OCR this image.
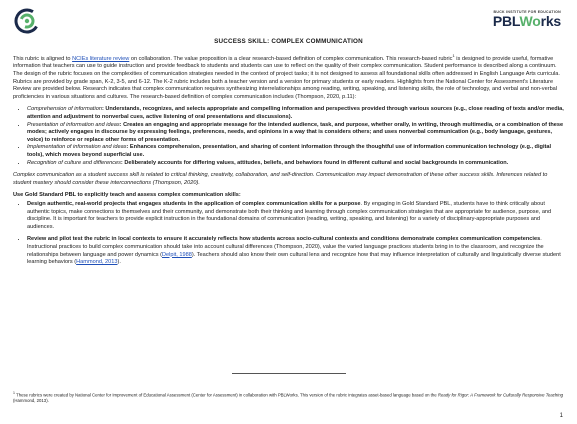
BUCK INSTITUTE FOR EDUCATION
PBLWorks
SUCCESS SKILL: COMPLEX COMMUNICATION

This rubric is aligned to NCIEs literature review on collaboration. The value proposition is a clear research-based definition of complex communication. This research-based rubric$^1$ is designed to provide useful, formative information that teachers can use to guide instruction and provide feedback to students and students can use to reflect on the quality of their complex communication. Student performance is described along a continuum. The design of the rubric focuses on the complexities of communication strategies needed in the context of project tasks; it is not designed to assess all foundational skills often addressed in English Language Arts curricula. Rubrics are provided by grade span, K-2, 3-5, and 6-12. The K-2 rubric includes both a teacher version and a version for primary students or early readers. Highlights from the National Center for Assessment's Literature Review are provided below. Research indicates that complex communication requires synthesizing interrelationships among reading, writing, speaking, and listening skills, the role of technology, and verbal and non-verbal proficiencies in various situations and cultures. The research-based definition of complex communication includes (Thompson, 2020, p.11):

• Comprehension of information: Understands, recognizes, and selects appropriate and compelling information and perspectives provided through various sources (e.g., close reading of texts and/or media, attention and adjustment to nonverbal cues, active listening of oral presentations and discussions).
• Presentation of information and ideas: Creates an engaging and appropriate message for the intended audience, task, and purpose, whether orally, in writing, through multimedia, or a combination of these modes; actively engages in discourse by expressing feelings, preferences, needs, and opinions in a way that is considers others; and uses nonverbal communication (e.g., body language, gestures, voice) to reinforce or replace other forms of presentation.
• Implementation of information and ideas: Enhances comprehension, presentation, and sharing of content information through the thoughtful use of information communication technology (e.g., digital tools), which moves beyond superficial use.
• Recognition of culture and differences: Deliberately accounts for differing values, attitudes, beliefs, and behaviors found in different cultural and social backgrounds in communication.

Complex communication as a student success skill is related to critical thinking, creativity, collaboration, and self-direction. Communication may impact demonstration of these other success skills. Inferences related to student mastery should consider these interconnections (Thompson, 2020).

Use Gold Standard PBL to explicitly teach and assess complex communication skills:
• Design authentic, real-world projects that engages students in the application of complex communication skills for a purpose. By engaging in Gold Standard PBL, students have to think critically about authentic topics, make connections to themselves and their community, and demonstrate both their thinking and learning through complex communication strategies that are appropriate for audience, purpose, and discipline. It is important for teachers to provide explicit instruction in the foundational domains of communication (reading, writing, speaking, and listening) for a variety of disciplinary-appropriate purposes and audiences.
• Review and pilot test the rubric in local contexts to ensure it accurately reflects how students across socio-cultural contexts and conditions demonstrate complex communication competencies. Instructional practices to build complex communication should take into account cultural differences (Thompson, 2020), value the varied language practices students bring in to the classroom, and recognize the relationships between language and power dynamics (Delpit, 1988). Teachers should also know their own cultural lens and recognize how that may influence interpretation of culturally and linguistically diverse student learning behaviors (Hammond, 2013).
$^1$ These rubrics were created by National Center for Improvement of Educational Assessment (Center for Assessment) in collaboration with PBLWorks. This version of the rubric integrates asset-based language based on the Ready for Rigor: A Framework for Culturally Responsive Teaching (Hammond, 2013).
1
